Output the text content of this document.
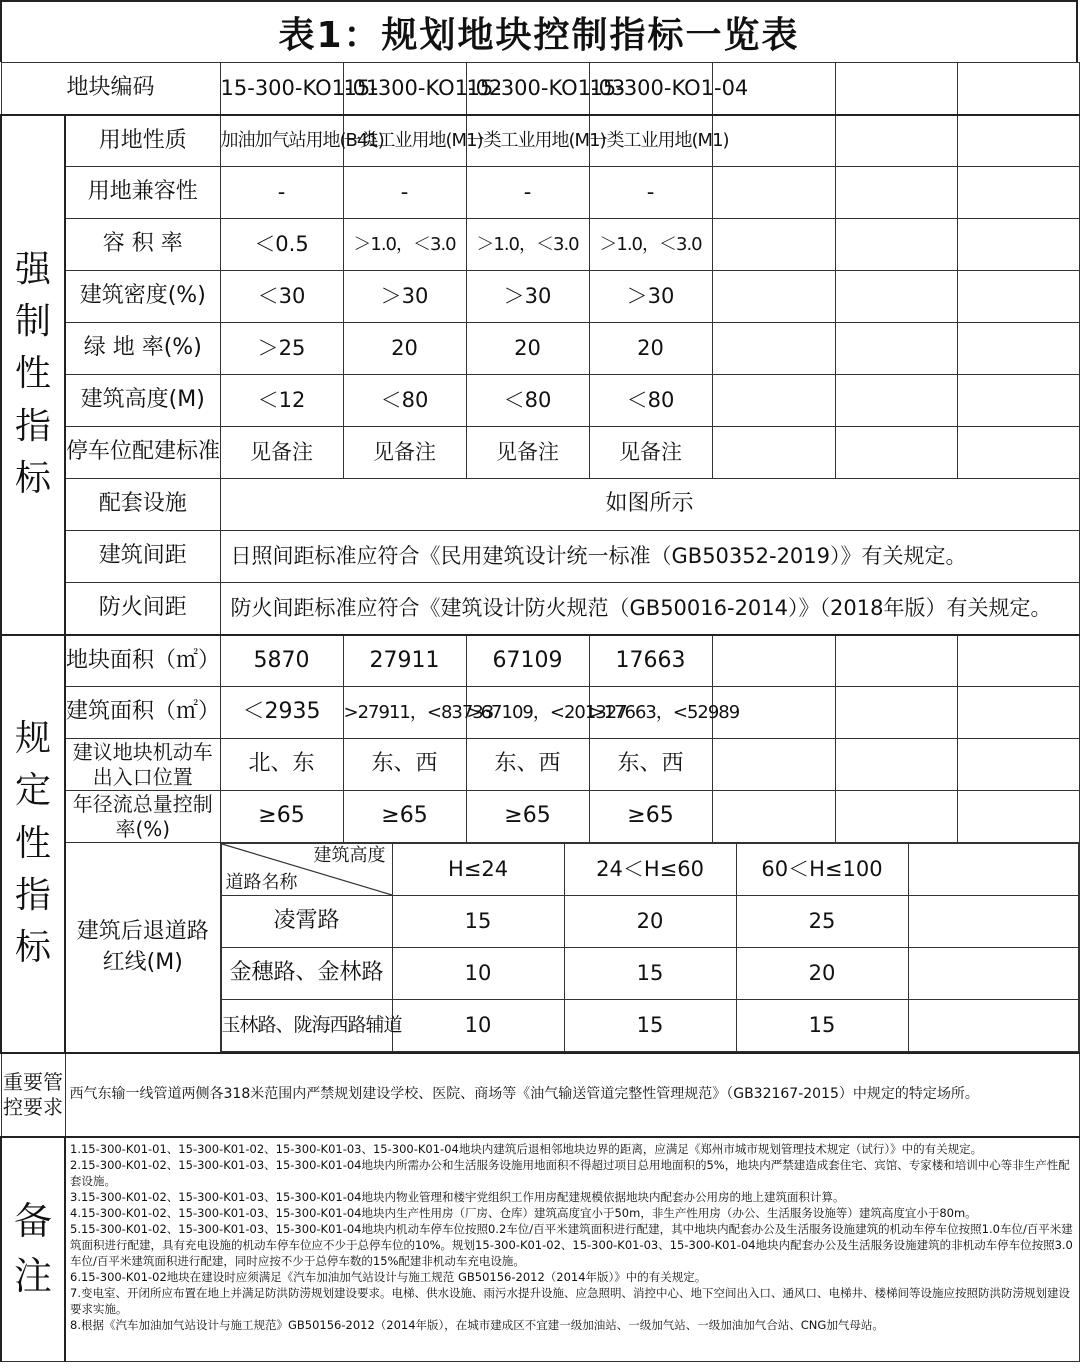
表1：规划地块控制指标一览表
地块编码	15-300-KO1-01	15-300-KO1-02	15-300-KO1-03	15-300-KO1-04			
强
制
性
指
标	用地性质	加油加气站用地(B41)	一类工业用地(M1)	一类工业用地(M1)	一类工业用地(M1)			
用地兼容性	-	-	-	-			
容 积 率	＜0.5	＞1.0，＜3.0	＞1.0，＜3.0	＞1.0，＜3.0			
建筑密度(%)	＜30	＞30	＞30	＞30			
绿 地 率(%)	＞25	20	20	20			
建筑高度(M)	＜12	＜80	＜80	＜80			
停车位配建标准	见备注	见备注	见备注	见备注			
配套设施	如图所示
建筑间距	日照间距标准应符合《民用建筑设计统一标准（GB50352-2019）》有关规定。
防火间距	防火间距标准应符合《建筑设计防火规范（GB50016-2014）》（2018年版）有关规定。
规
定
性
指
标	地块面积（㎡）	5870	27911	67109	17663			
建筑面积（㎡）	＜2935	>27911，<83733	>67109，<201327	>17663，<52989			
建议地块机动车出入口位置	北、东	东、西	东、西	东、西			
年径流总量控制率(%)	≥65	≥65	≥65	≥65			
建筑后退道路红线(M)	
建筑高度
道路名称
	H≤24	24＜H≤60	60＜H≤100	
凌霄路	15	20	25	
金穗路、金林路	10	15	20	
玉林路、陇海西路辅道	10	15	15	

重要管控要求	西气东输一线管道两侧各318米范围内严禁规划建设学校、医院、商场等《油气输送管道完整性管理规范》（GB32167-2015）中规定的特定场所。
备注	
1.15-300-K01-01、15-300-K01-02、15-300-K01-03、15-300-K01-04地块内建筑后退相邻地块边界的距离，应满足《郑州市城市规划管理技术规定（试行）》中的有关规定。
2.15-300-K01-02、15-300-K01-03、15-300-K01-04地块内所需办公和生活服务设施用地面积不得超过项目总用地面积的5%，地块内严禁建造成套住宅、宾馆、专家楼和培训中心等非生产性配套设施。
3.15-300-K01-02、15-300-K01-03、15-300-K01-04地块内物业管理和楼宇党组织工作用房配建规模依据地块内配套办公用房的地上建筑面积计算。
4.15-300-K01-02、15-300-K01-03、15-300-K01-04地块内生产性用房（厂房、仓库）建筑高度宜小于50m，非生产性用房（办公、生活服务设施等）建筑高度宜小于80m。
5.15-300-K01-02、15-300-K01-03、15-300-K01-04地块内机动车停车位按照0.2车位/百平米建筑面积进行配建，其中地块内配套办公及生活服务设施建筑的机动车停车位按照1.0车位/百平米建筑面积进行配建，具有充电设施的机动车停车位应不少于总停车位的10%。规划15-300-K01-02、15-300-K01-03、15-300-K01-04地块内配套办公及生活服务设施建筑的非机动车停车位按照3.0车位/百平米建筑面积进行配建，同时应按不少于总停车数的15%配建非机动车充电设施。
6.15-300-K01-02地块在建设时应须满足《汽车加油加气站设计与施工规范 GB50156-2012（2014年版）》中的有关规定。
7.变电室、开闭所应布置在地上并满足防洪防涝规划建设要求。电梯、供水设施、雨污水提升设施、应急照明、消控中心、地下空间出入口、通风口、电梯井、楼梯间等设施应按照防洪防涝规划建设要求实施。
8.根据《汽车加油加气站设计与施工规范》GB50156-2012（2014年版），在城市建成区不宜建一级加油站、一级加气站、一级加油加气合站、CNG加气母站。
